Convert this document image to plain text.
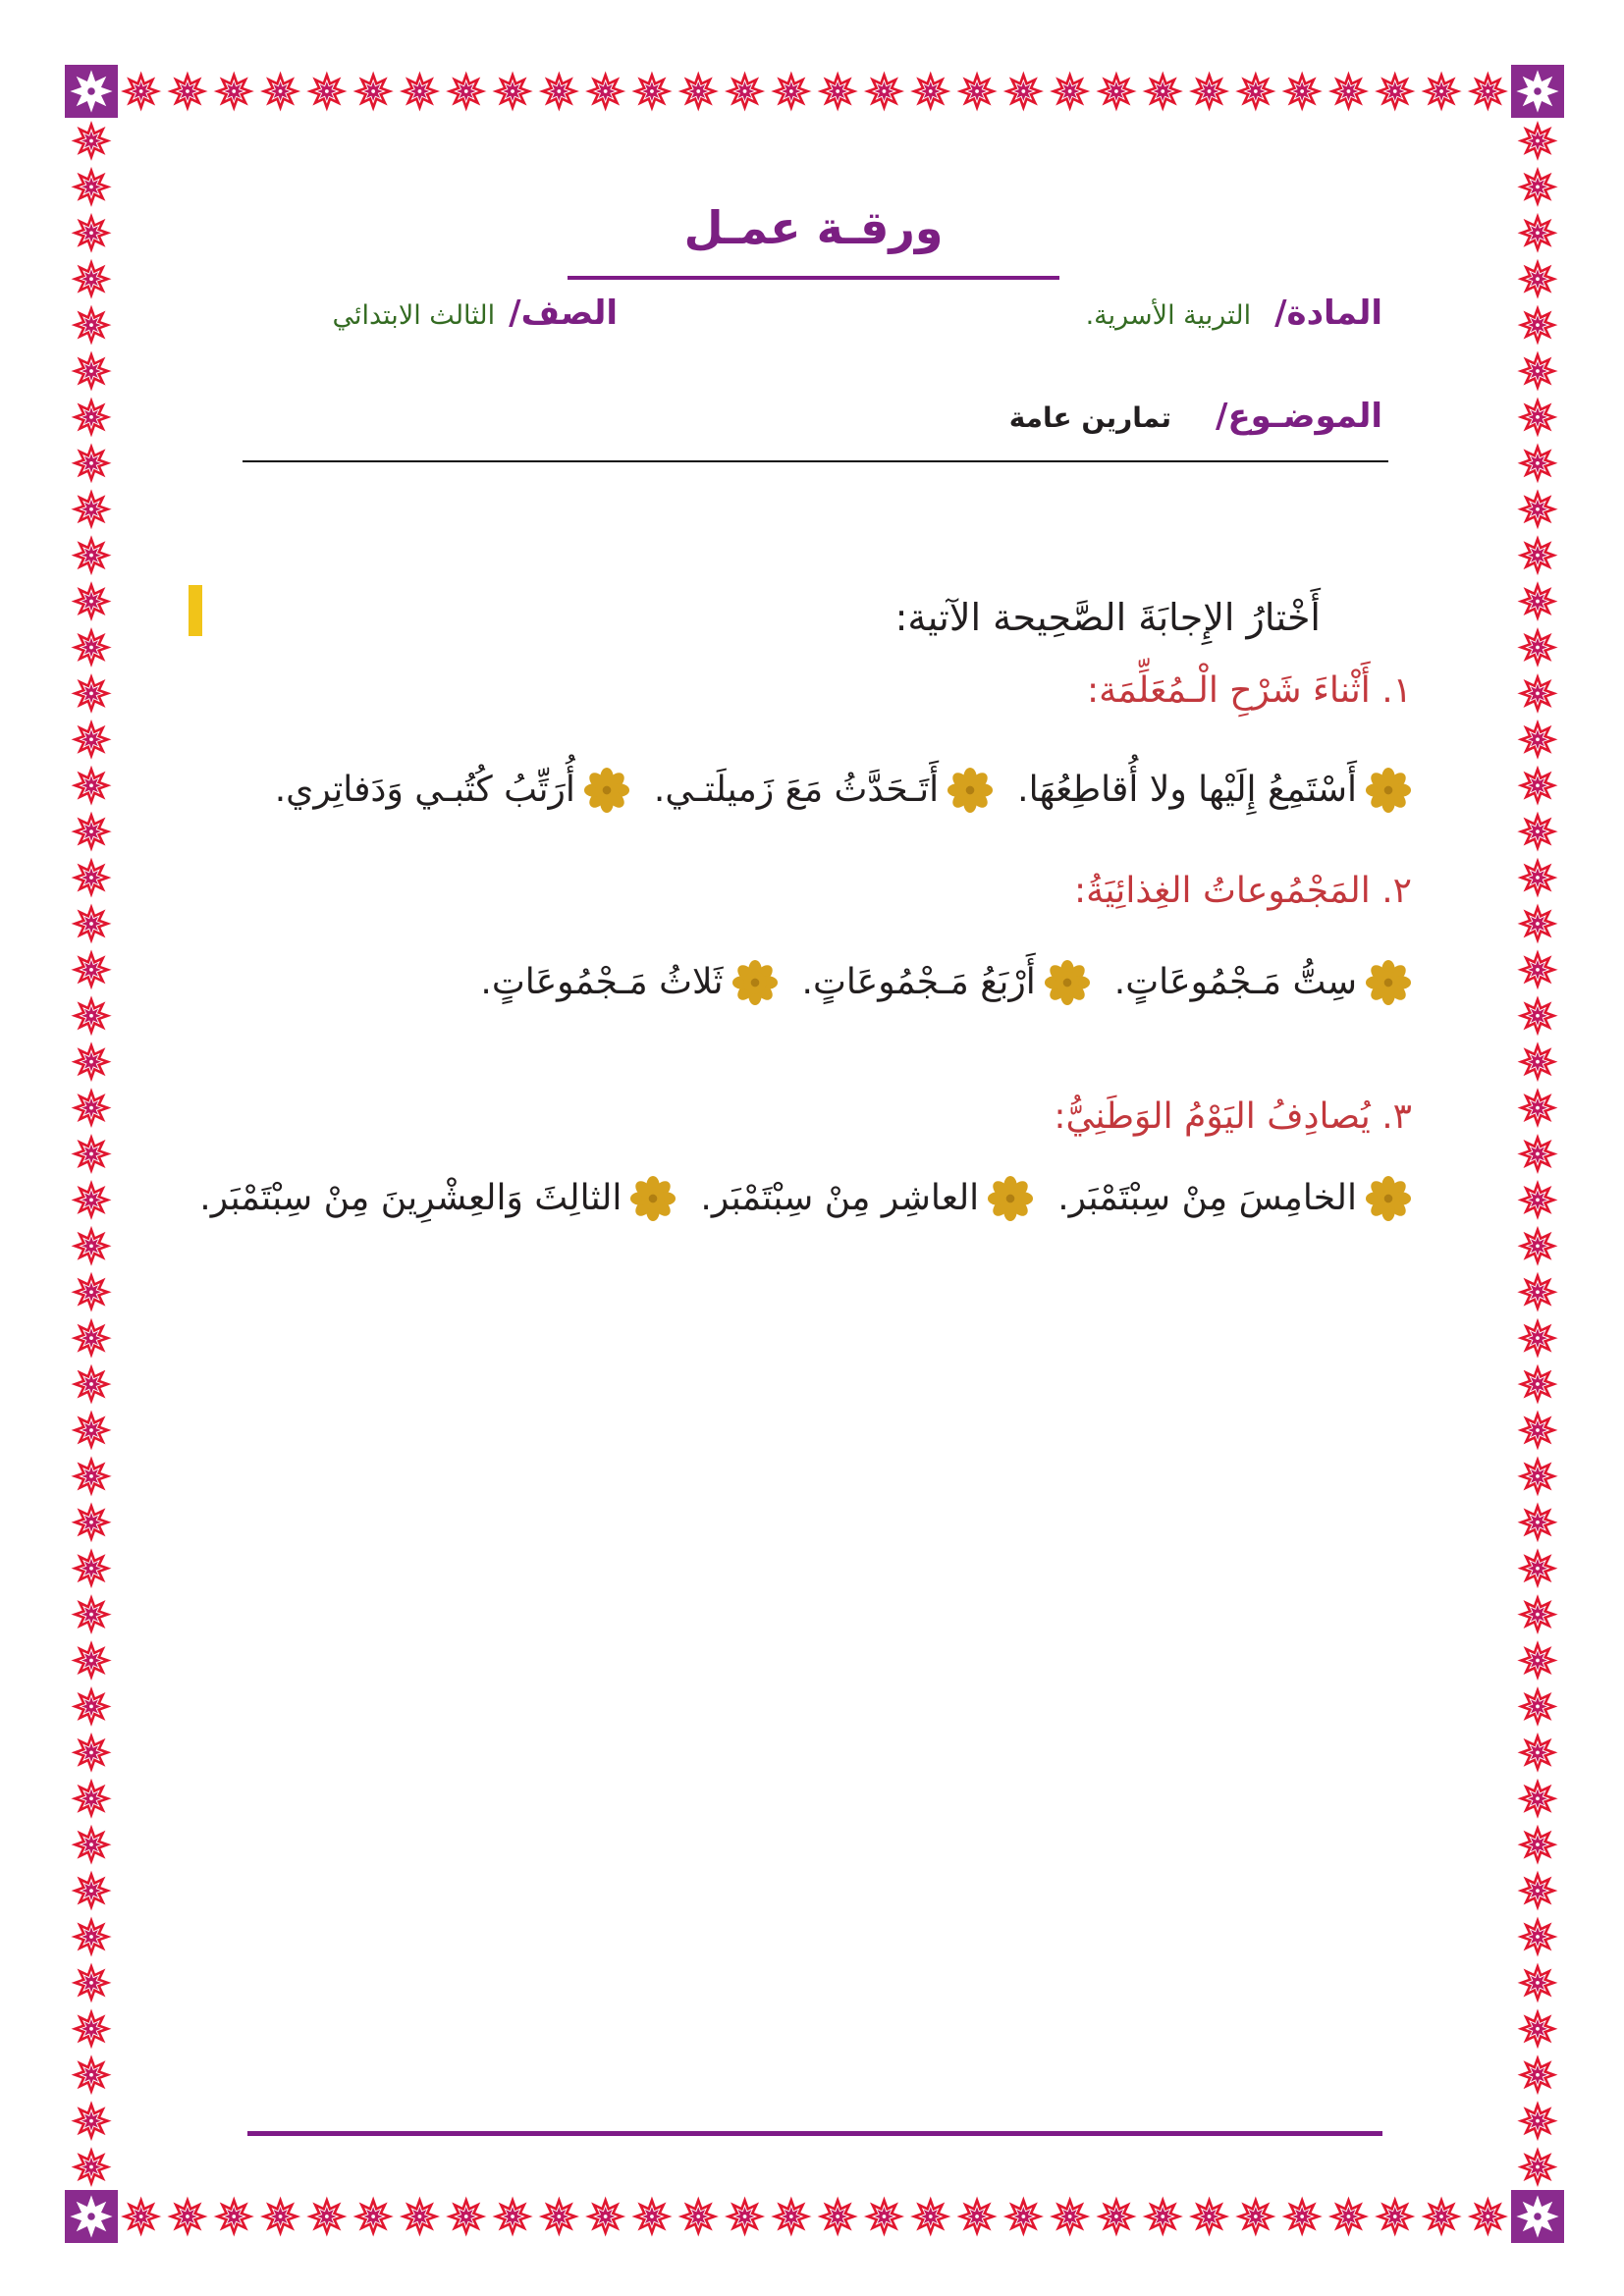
ورقـة عمـل
المادة/
التربية الأسرية.
الصف/
الثالث الابتدائي
الموضـوع/
تمارين عامة
أَخْتارُ الإِجابَةَ الصَّحِيحة الآتية:
١. أَثْناءَ شَرْحِ الْـمُعَلِّمَة:
أَسْتَمِعُ إِلَيْها ولا أُقاطِعُهَا.
أَتَـحَدَّثُ مَعَ زَميلَتـي.
أُرَتِّبُ كُتُبـي وَدَفاتِري.
٢. المَجْمُوعاتُ الغِذائِيَةُ:
سِتُّ مَـجْمُوعَاتٍ.
أَرْبَعُ مَـجْمُوعَاتٍ.
ثَلاثُ مَـجْمُوعَاتٍ.
٣. يُصادِفُ اليَوْمُ الوَطَنِيُّ:
الخامِسَ مِنْ سِبْتَمْبَر.
العاشِر مِنْ سِبْتَمْبَر.
الثالِثَ وَالعِشْرِينَ مِنْ سِبْتَمْبَر.
